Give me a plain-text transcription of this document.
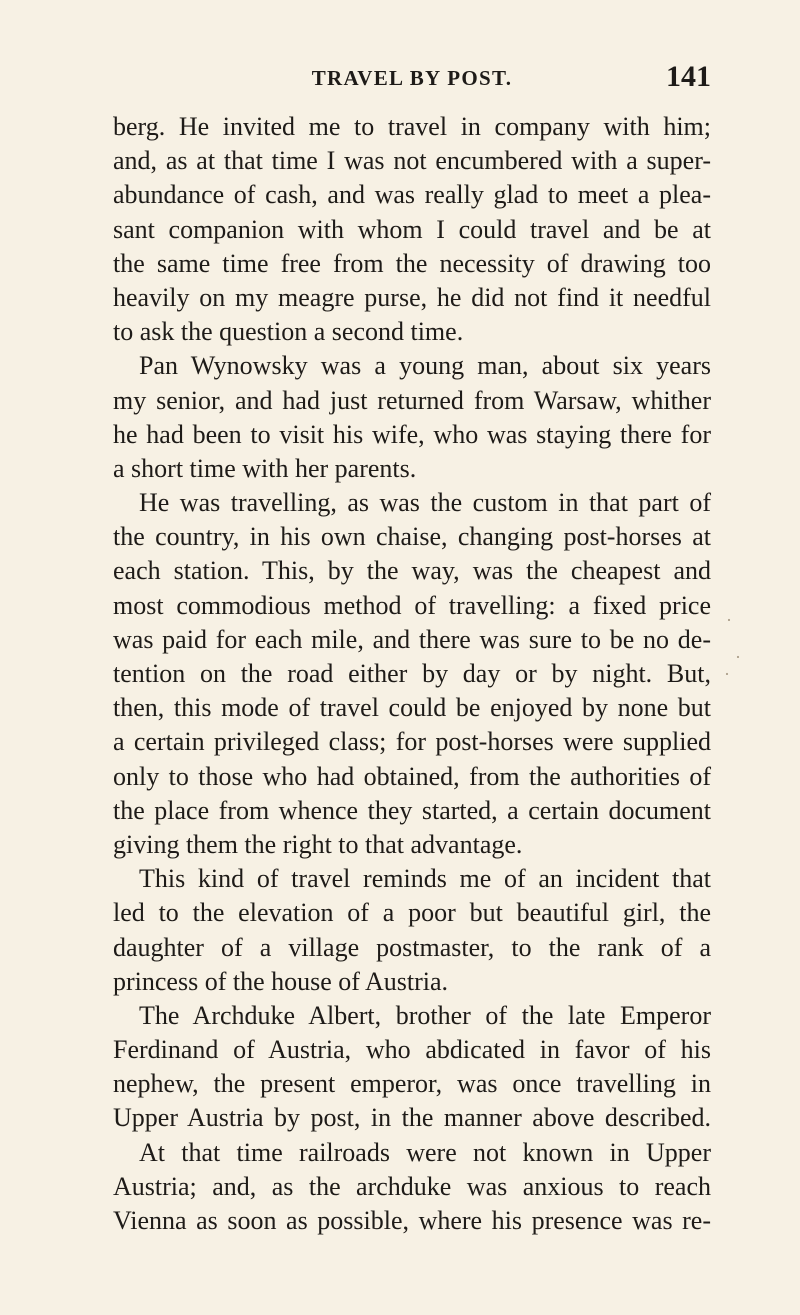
TRAVEL BY POST.	141
berg. He invited me to travel in company with him;
and, as at that time I was not encumbered with a super-
abundance of cash, and was really glad to meet a plea-
sant companion with whom I could travel and be at
the same time free from the necessity of drawing too
heavily on my meagre purse, he did not find it needful
to ask the question a second time.
Pan Wynowsky was a young man, about six years
my senior, and had just returned from Warsaw, whither
he had been to visit his wife, who was staying there for
a short time with her parents.
He was travelling, as was the custom in that part of
the country, in his own chaise, changing post-horses at
each station. This, by the way, was the cheapest and
most commodious method of travelling: a fixed price
was paid for each mile, and there was sure to be no de-
tention on the road either by day or by night. But,
then, this mode of travel could be enjoyed by none but
a certain privileged class; for post-horses were supplied
only to those who had obtained, from the authorities of
the place from whence they started, a certain document
giving them the right to that advantage.
This kind of travel reminds me of an incident that
led to the elevation of a poor but beautiful girl, the
daughter of a village postmaster, to the rank of a
princess of the house of Austria.
The Archduke Albert, brother of the late Emperor
Ferdinand of Austria, who abdicated in favor of his
nephew, the present emperor, was once travelling in
Upper Austria by post, in the manner above described.
At that time railroads were not known in Upper
Austria; and, as the archduke was anxious to reach
Vienna as soon as possible, where his presence was re-
·
·
·
